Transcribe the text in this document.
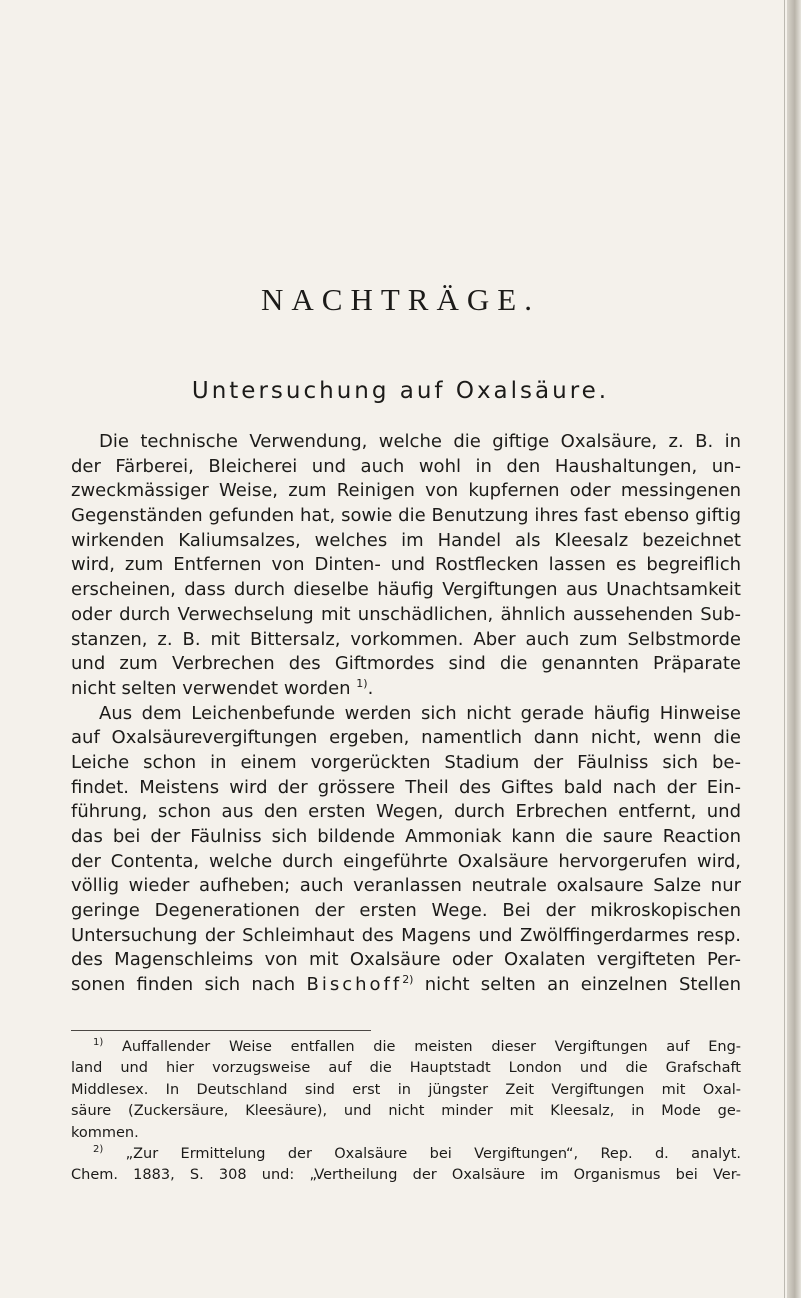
NACHTRÄGE.
Untersuchung auf Oxalsäure.
Die technische Verwendung, welche die giftige Oxalsäure, z. B. in
der Färberei, Bleicherei und auch wohl in den Haushaltungen, un-
zweckmässiger Weise, zum Reinigen von kupfernen oder messingenen
Gegenständen gefunden hat, sowie die Benutzung ihres fast ebenso giftig
wirkenden Kaliumsalzes, welches im Handel als Kleesalz bezeichnet
wird, zum Entfernen von Dinten- und Rostflecken lassen es begreiflich
erscheinen, dass durch dieselbe häufig Vergiftungen aus Unachtsamkeit
oder durch Verwechselung mit unschädlichen, ähnlich aussehenden Sub-
stanzen, z. B. mit Bittersalz, vorkommen. Aber auch zum Selbstmorde
und zum Verbrechen des Giftmordes sind die genannten Präparate
nicht selten verwendet worden $^{1)}$.
Aus dem Leichenbefunde werden sich nicht gerade häufig Hinweise
auf Oxalsäurevergiftungen ergeben, namentlich dann nicht, wenn die
Leiche schon in einem vorgerückten Stadium der Fäulniss sich be-
findet. Meistens wird der grössere Theil des Giftes bald nach der Ein-
führung, schon aus den ersten Wegen, durch Erbrechen entfernt, und
das bei der Fäulniss sich bildende Ammoniak kann die saure Reaction
der Contenta, welche durch eingeführte Oxalsäure hervorgerufen wird,
völlig wieder aufheben; auch veranlassen neutrale oxalsaure Salze nur
geringe Degenerationen der ersten Wege. Bei der mikroskopischen
Untersuchung der Schleimhaut des Magens und Zwölffingerdarmes resp.
des Magenschleims von mit Oxalsäure oder Oxalaten vergifteten Per-
sonen finden sich nach Bischoff$^{2)}$ nicht selten an einzelnen Stellen
$^{1)}$ Auffallender Weise entfallen die meisten dieser Vergiftungen auf Eng-
land und hier vorzugsweise auf die Hauptstadt London und die Grafschaft
Middlesex. In Deutschland sind erst in jüngster Zeit Vergiftungen mit Oxal-
säure (Zuckersäure, Kleesäure), und nicht minder mit Kleesalz, in Mode ge-
kommen.
$^{2)}$ „Zur Ermittelung der Oxalsäure bei Vergiftungen“, Rep. d. analyt.
Chem. 1883, S. 308 und: „Vertheilung der Oxalsäure im Organismus bei Ver-
